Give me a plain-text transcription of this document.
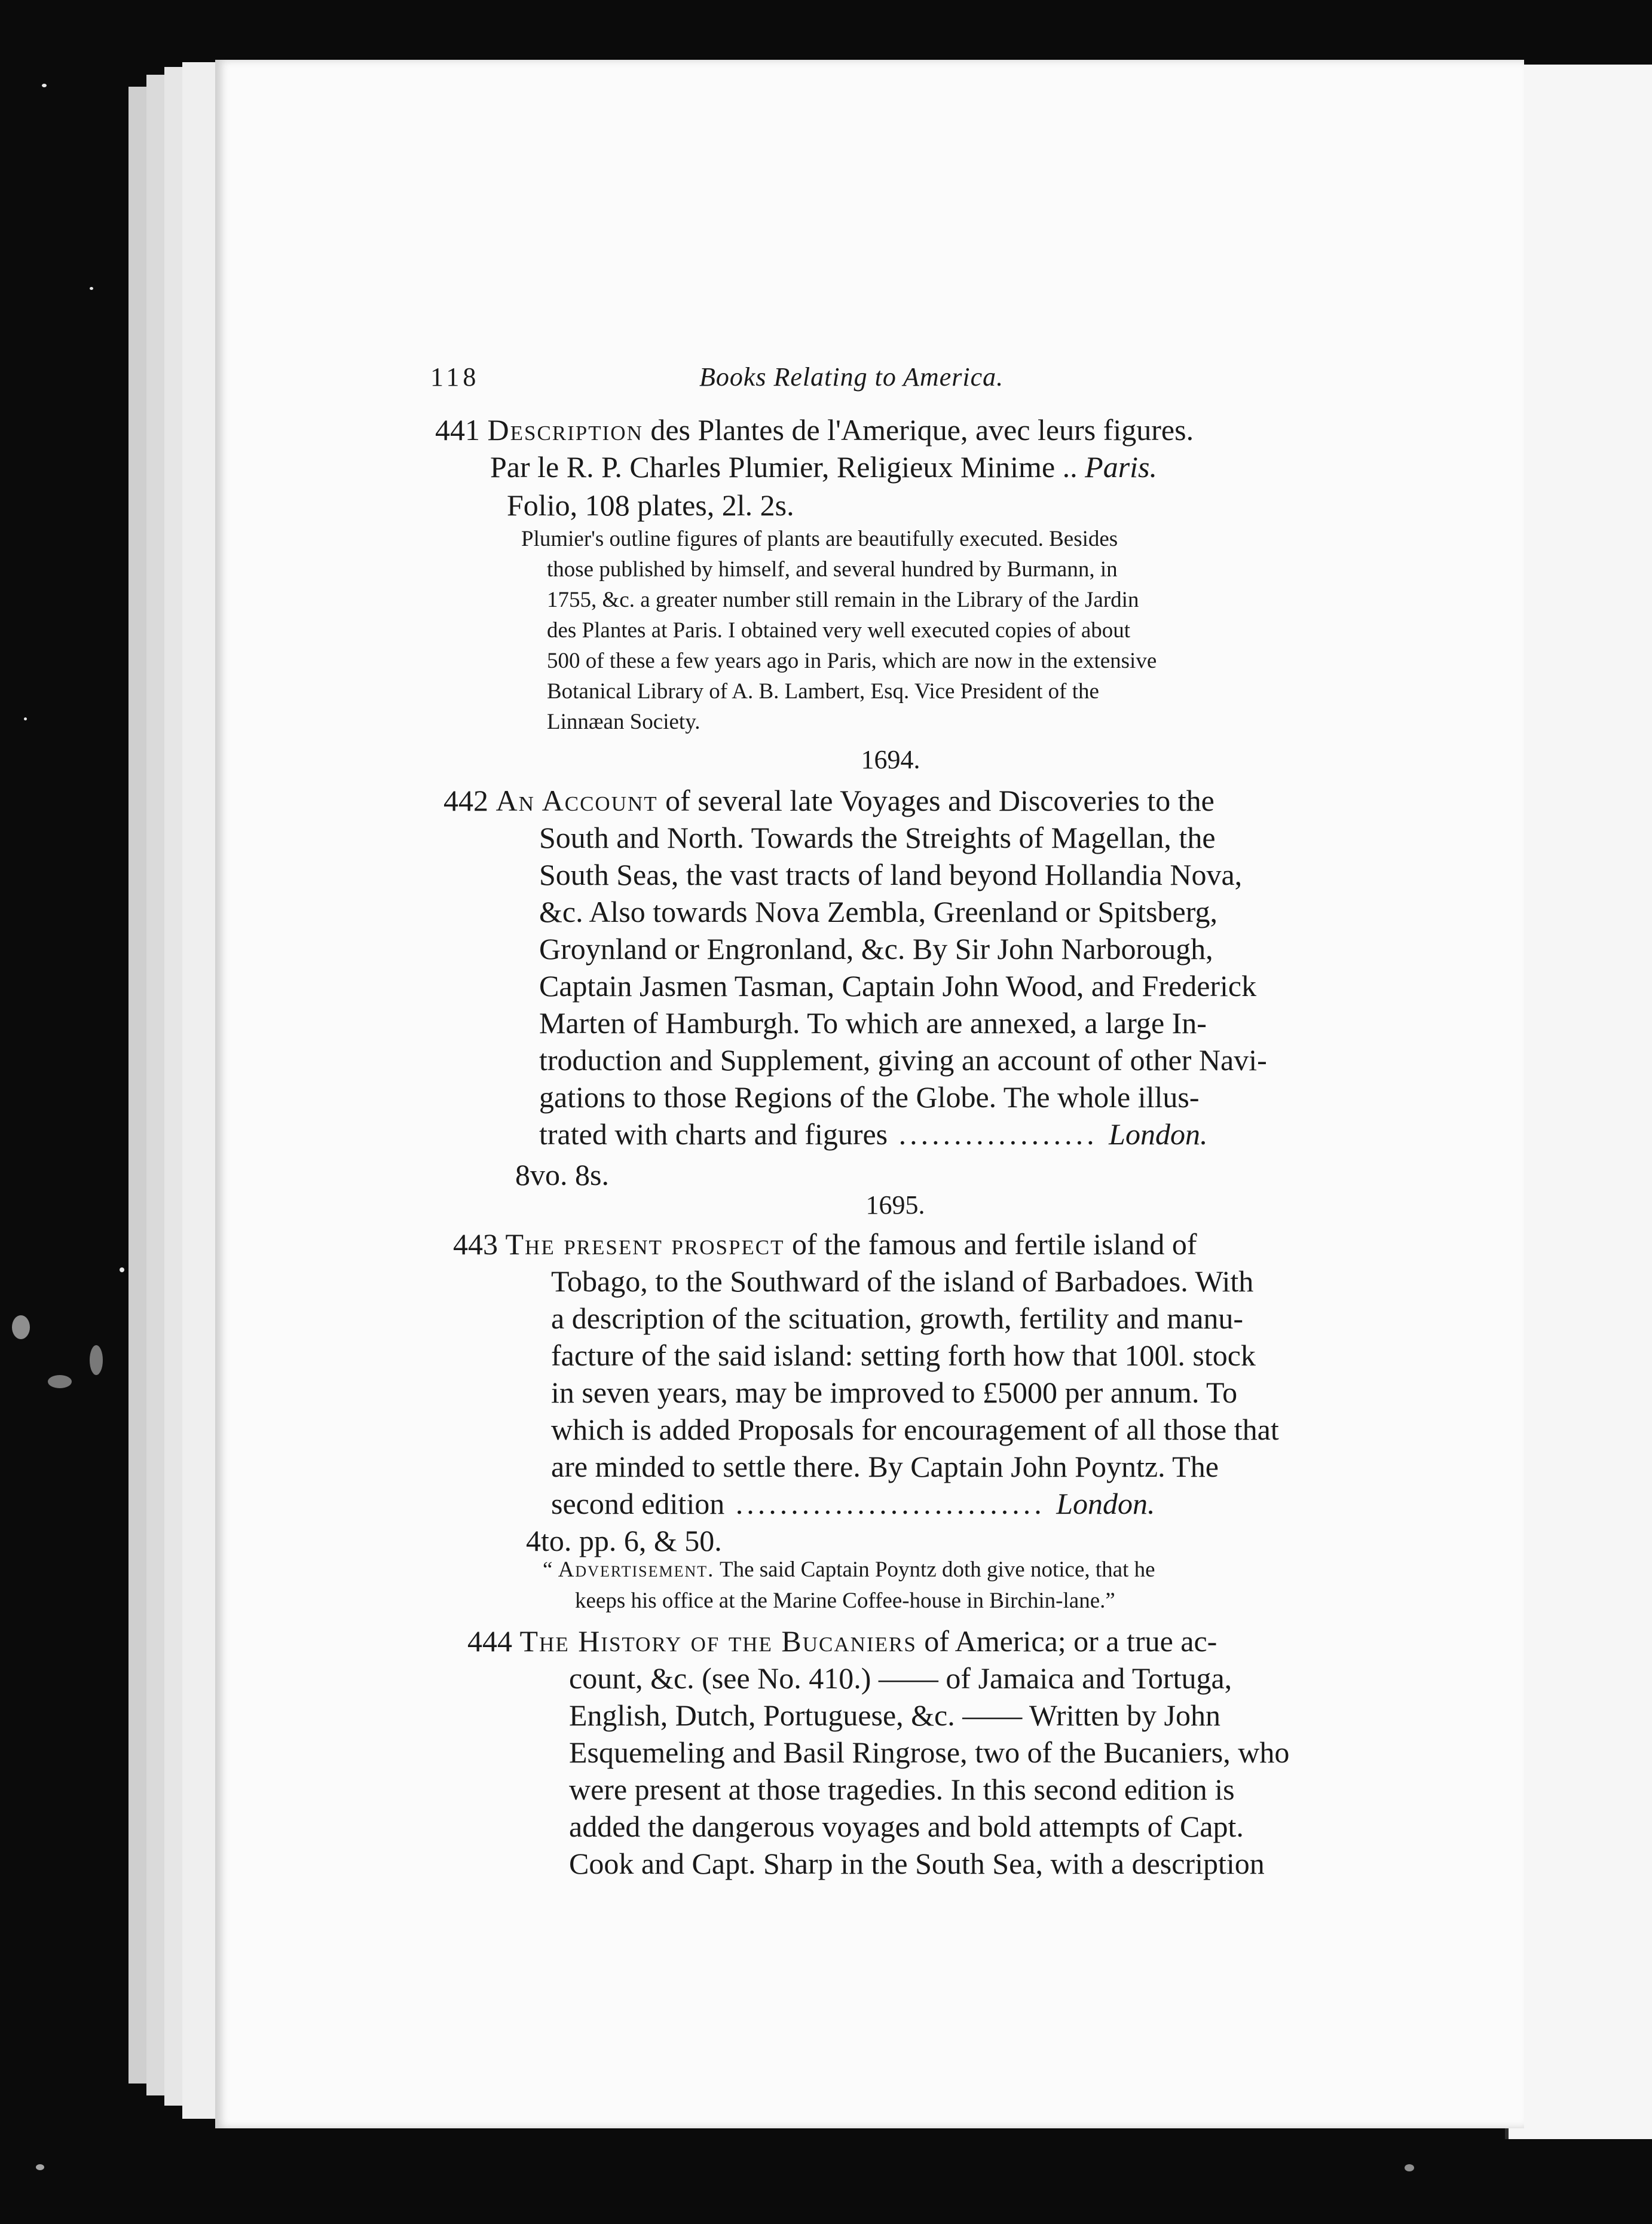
118	Books Relating to America.
441 Description des Plantes de l'Amerique, avec leurs figures.
Par le R. P. Charles Plumier, Religieux Minime .. Paris.
Folio, 108 plates, 2l. 2s.
Plumier's outline figures of plants are beautifully executed. Besides
those published by himself, and several hundred by Burmann, in
1755, &c. a greater number still remain in the Library of the Jardin
des Plantes at Paris. I obtained very well executed copies of about
500 of these a few years ago in Paris, which are now in the extensive
Botanical Library of A. B. Lambert, Esq. Vice President of the
Linnæan Society.
1694.
442 An Account of several late Voyages and Discoveries to the
South and North. Towards the Streights of Magellan, the
South Seas, the vast tracts of land beyond Hollandia Nova,
&c. Also towards Nova Zembla, Greenland or Spitsberg,
Groynland or Engronland, &c. By Sir John Narborough,
Captain Jasmen Tasman, Captain John Wood, and Frederick
Marten of Hamburgh. To which are annexed, a large In-
troduction and Supplement, giving an account of other Navi-
gations to those Regions of the Globe. The whole illus-
trated with charts and figures .................. London.
8vo. 8s.
1695.
443 The present prospect of the famous and fertile island of
Tobago, to the Southward of the island of Barbadoes. With
a description of the scituation, growth, fertility and manu-
facture of the said island: setting forth how that 100l. stock
in seven years, may be improved to £5000 per annum. To
which is added Proposals for encouragement of all those that
are minded to settle there. By Captain John Poyntz. The
second edition ............................ London.
4to. pp. 6, & 50.
“ Advertisement. The said Captain Poyntz doth give notice, that he
keeps his office at the Marine Coffee-house in Birchin-lane.”
444 The History of the Bucaniers of America; or a true ac-
count, &c. (see No. 410.) —— of Jamaica and Tortuga,
English, Dutch, Portuguese, &c. —— Written by John
Esquemeling and Basil Ringrose, two of the Bucaniers, who
were present at those tragedies. In this second edition is
added the dangerous voyages and bold attempts of Capt.
Cook and Capt. Sharp in the South Sea, with a description
